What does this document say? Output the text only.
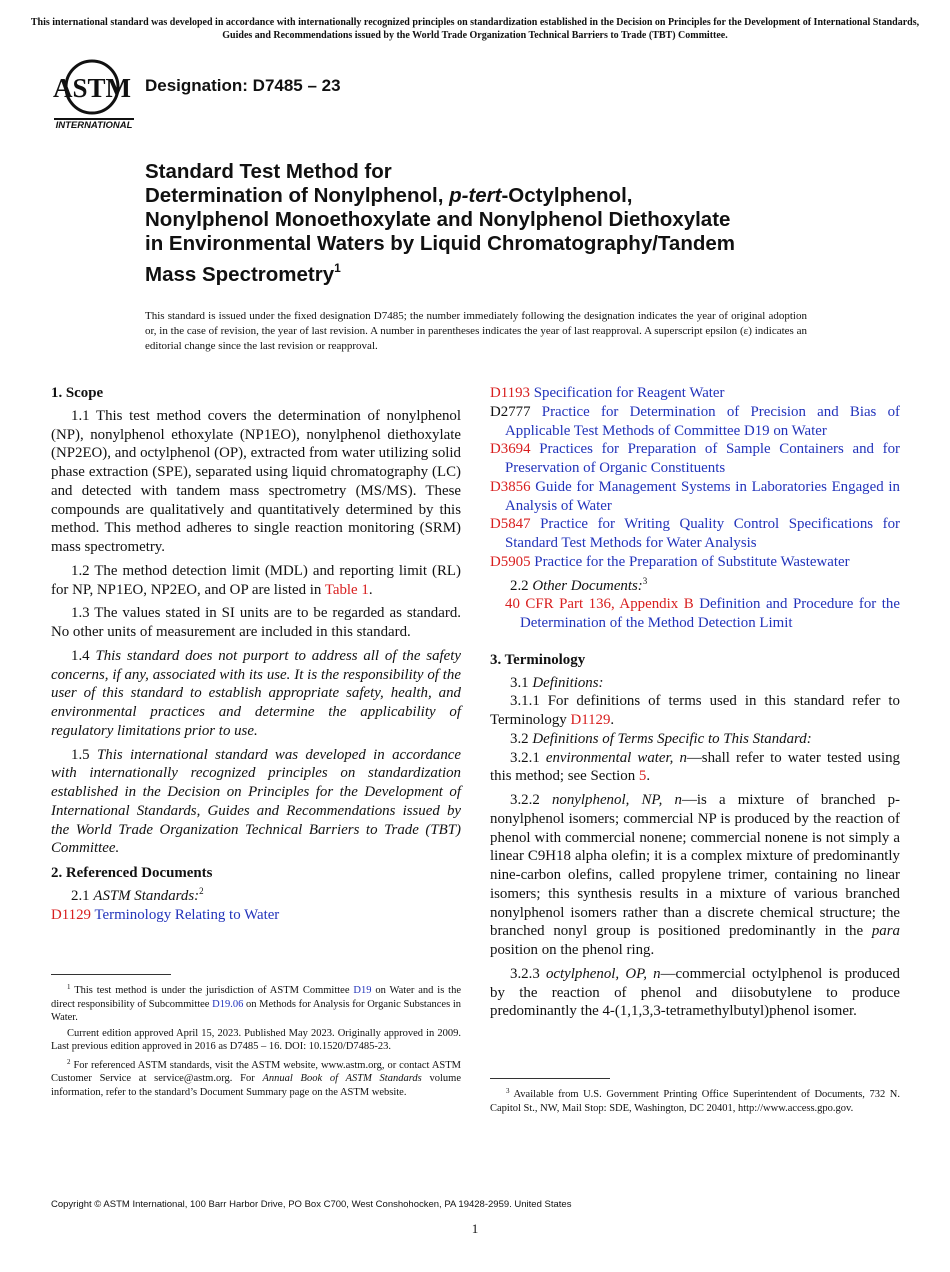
This international standard was developed in accordance with internationally recognized principles on standardization established in the Decision on Principles for the Development of International Standards, Guides and Recommendations issued by the World Trade Organization Technical Barriers to Trade (TBT) Committee.
ASTM
INTERNATIONAL
Designation: D7485 – 23
Standard Test Method for
Determination of Nonylphenol, p-tert-Octylphenol,
Nonylphenol Monoethoxylate and Nonylphenol Diethoxylate
in Environmental Waters by Liquid Chromatography/Tandem
Mass Spectrometry$^1$
This standard is issued under the fixed designation D7485; the number immediately following the designation indicates the year of original adoption or, in the case of revision, the year of last revision. A number in parentheses indicates the year of last reapproval. A superscript epsilon (ε) indicates an editorial change since the last revision or reapproval.

1. Scope

1.1 This test method covers the determination of nonylphenol (NP), nonylphenol ethoxylate (NP1EO), nonylphenol diethoxylate (NP2EO), and octylphenol (OP), extracted from water utilizing solid phase extraction (SPE), separated using liquid chromatography (LC) and detected with tandem mass spectrometry (MS/MS). These compounds are qualitatively and quantitatively determined by this method. This method adheres to single reaction monitoring (SRM) mass spectrometry.

1.2 The method detection limit (MDL) and reporting limit (RL) for NP, NP1EO, NP2EO, and OP are listed in Table 1.

1.3 The values stated in SI units are to be regarded as standard. No other units of measurement are included in this standard.

1.4 This standard does not purport to address all of the safety concerns, if any, associated with its use. It is the responsibility of the user of this standard to establish appropriate safety, health, and environmental practices and determine the applicability of regulatory limitations prior to use.

1.5 This international standard was developed in accordance with internationally recognized principles on standardization established in the Decision on Principles for the Development of International Standards, Guides and Recommendations issued by the World Trade Organization Technical Barriers to Trade (TBT) Committee.

2. Referenced Documents

2.1 ASTM Standards:$^2$

D1129 Terminology Relating to Water

$^1$ This test method is under the jurisdiction of ASTM Committee D19 on Water and is the direct responsibility of Subcommittee D19.06 on Methods for Analysis for Organic Substances in Water.

Current edition approved April 15, 2023. Published May 2023. Originally approved in 2009. Last previous edition approved in 2016 as D7485 – 16. DOI: 10.1520/D7485-23.

$^2$ For referenced ASTM standards, visit the ASTM website, www.astm.org, or contact ASTM Customer Service at service@astm.org. For Annual Book of ASTM Standards volume information, refer to the standard’s Document Summary page on the ASTM website.

D1193 Specification for Reagent Water

D2777 Practice for Determination of Precision and Bias of Applicable Test Methods of Committee D19 on Water

D3694 Practices for Preparation of Sample Containers and for Preservation of Organic Constituents

D3856 Guide for Management Systems in Laboratories Engaged in Analysis of Water

D5847 Practice for Writing Quality Control Specifications for Standard Test Methods for Water Analysis

D5905 Practice for the Preparation of Substitute Wastewater

2.2 Other Documents:$^3$

40 CFR Part 136, Appendix B Definition and Procedure for the Determination of the Method Detection Limit

3. Terminology

3.1 Definitions:

3.1.1 For definitions of terms used in this standard refer to Terminology D1129.

3.2 Definitions of Terms Specific to This Standard:

3.2.1 environmental water, n—shall refer to water tested using this method; see Section 5.

3.2.2 nonylphenol, NP, n—is a mixture of branched p-nonylphenol isomers; commercial NP is produced by the reaction of phenol with commercial nonene; commercial nonene is not simply a linear C9H18 alpha olefin; it is a complex mixture of predominantly nine-carbon olefins, called propylene trimer, containing no linear isomers; this synthesis results in a mixture of various branched nonylphenol isomers rather than a discrete chemical structure; the branched nonyl group is positioned predominantly in the para position on the phenol ring.

3.2.3 octylphenol, OP, n—commercial octylphenol is produced by the reaction of phenol and diisobutylene to produce predominantly the 4-(1,1,3,3-tetramethylbutyl)phenol isomer.

$^3$ Available from U.S. Government Printing Office Superintendent of Documents, 732 N. Capitol St., NW, Mail Stop: SDE, Washington, DC 20401, http://www.access.gpo.gov.

Copyright © ASTM International, 100 Barr Harbor Drive, PO Box C700, West Conshohocken, PA 19428-2959. United States
1
